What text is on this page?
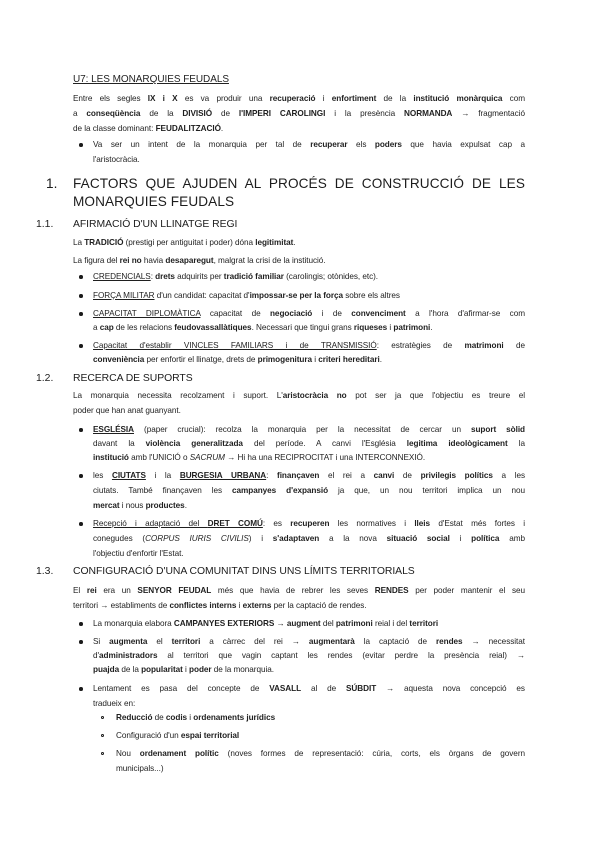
U7: LES MONARQUIES FEUDALS
Entre els segles IX i X es va produir una recuperació i enfortiment de la institució monàrquica com
a conseqüència de la DIVISIÓ de l'IMPERI CAROLINGI i la presència NORMANDA → fragmentació
de la classe dominant: FEUDALITZACIÓ.
Va ser un intent de la monarquia per tal de recuperar els poders que havia expulsat cap a
l'aristocràcia.
1. FACTORS QUE AJUDEN AL PROCÉS DE CONSTRUCCIÓ DE LES
MONARQUIES FEUDALS
1.1. AFIRMACIÓ D'UN LLINATGE REGI
La TRADICIÓ (prestigi per antiguitat i poder) dóna legitimitat.
La figura del rei no havia desaparegut, malgrat la crisi de la institució.
CREDENCIALS: drets adquirits per tradició familiar (carolingis; otònides, etc).
FORÇA MILITAR d'un candidat: capacitat d'impossar-se per la força sobre els altres
CAPACITAT DIPLOMÀTICA capacitat de negociació i de convenciment a l'hora d'afirmar-se com
a cap de les relacions feudovassallàtiques. Necessari que tingui grans riqueses i patrimoni.
Capacitat d'establir VINCLES FAMILIARS i de TRANSMISSIÓ: estratègies de matrimoni de
conveniència per enfortir el llinatge, drets de primogenitura i criteri hereditari.
1.2. RECERCA DE SUPORTS
La monarquia necessita recolzament i suport. L'aristocràcia no pot ser ja que l'objectiu es treure el
poder que han anat guanyant.
ESGLÉSIA (paper crucial): recolza la monarquia per la necessitat de cercar un suport sòlid
davant la violència generalitzada del període. A canvi l'Església legitima ideològicament la
institució amb l'UNICIÓ o SACRUM → Hi ha una RECIPROCITAT i una INTERCONNEXIÓ.
les CIUTATS i la BURGESIA URBANA: finançaven el rei a canvi de privilegis polítics a les
ciutats. També finançaven les campanyes d'expansió ja que, un nou territori implica un nou
mercat i nous productes.
Recepció i adaptació del DRET COMÚ: es recuperen les normatives i lleis d'Estat més fortes i
conegudes (CORPUS IURIS CIVILIS) i s'adaptaven a la nova situació social i política amb
l'objectiu d'enfortir l'Estat.
1.3. CONFIGURACIÓ D'UNA COMUNITAT DINS UNS LÍMITS TERRITORIALS
El rei era un SENYOR FEUDAL més que havia de rebrer les seves RENDES per poder mantenir el seu
territori → establiments de conflictes interns i externs per la captació de rendes.
La monarquia elabora CAMPANYES EXTERIORS → augment del patrimoni reial i del territori
Si augmenta el territori a càrrec del rei → augmentarà la captació de rendes → necessitat
d'administradors al territori que vagin captant les rendes (evitar perdre la presència reial) →
puajda de la popularitat i poder de la monarquia.
Lentament es pasa del concepte de VASALL al de SÚBDIT → aquesta nova concepció es
tradueix en:
Reducció de codis i ordenaments jurídics
Configuració d'un espai territorial
Nou ordenament polític (noves formes de representació: cúria, corts, els òrgans de govern
municipals...)
